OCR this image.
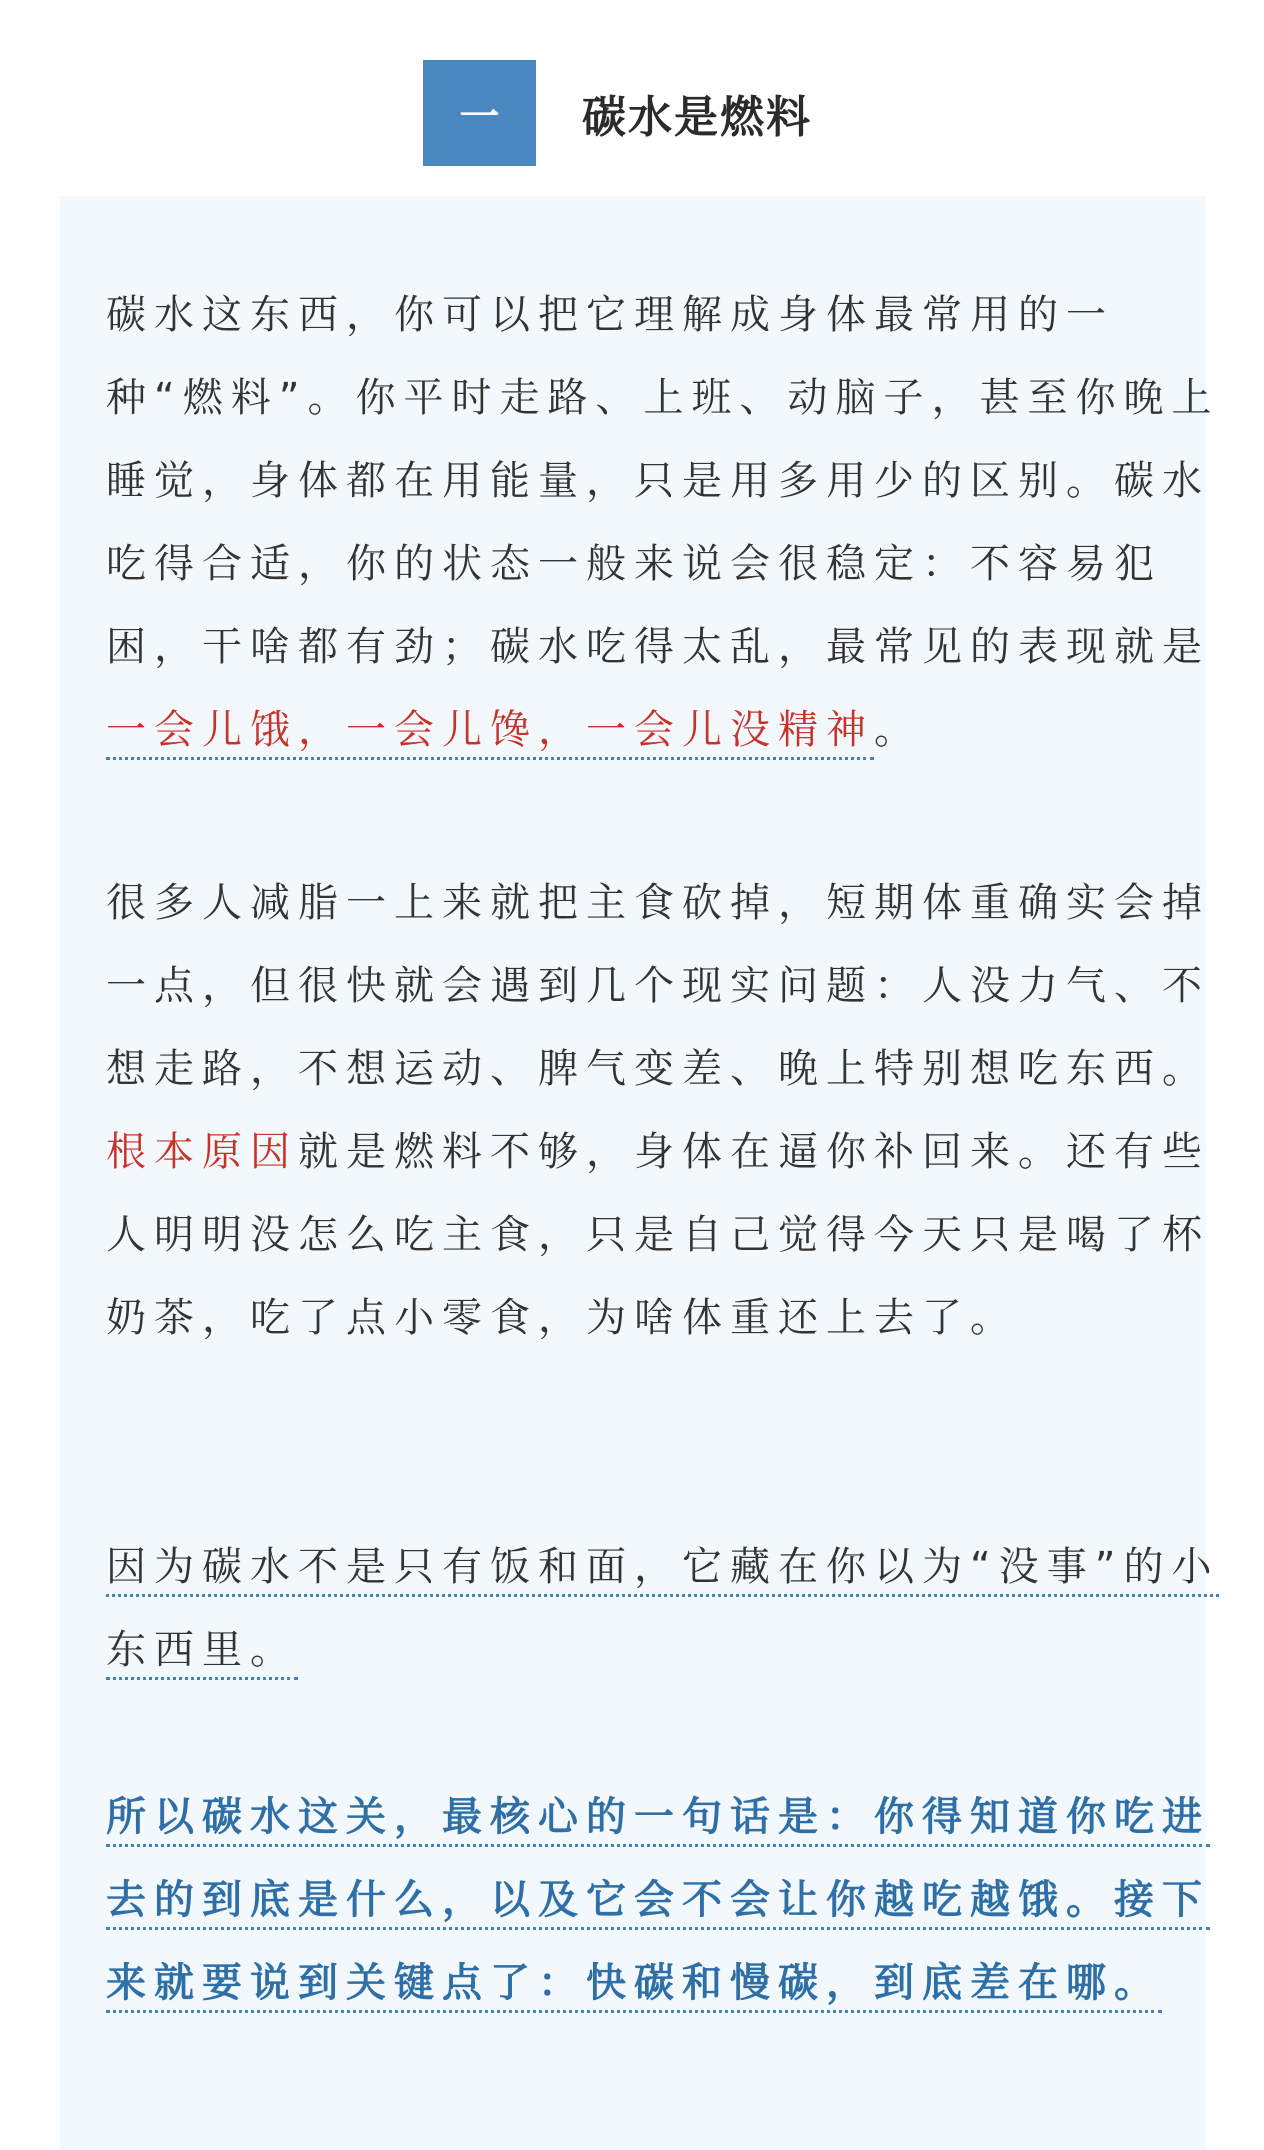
一	碳水是燃料

碳水这东西，你可以把它理解成身体最常用的一种“燃料”。你平时走路、上班、动脑子，甚至你晚上睡觉，身体都在用能量，只是用多用少的区别。碳水吃得合适，你的状态一般来说会很稳定：不容易犯困，干啥都有劲；碳水吃得太乱，最常见的表现就是一会儿饿，一会儿馋，一会儿没精神。

很多人减脂一上来就把主食砍掉，短期体重确实会掉一点，但很快就会遇到几个现实问题：人没力气、不想走路，不想运动、脾气变差、晚上特别想吃东西。根本原因就是燃料不够，身体在逼你补回来。还有些人明明没怎么吃主食，只是自己觉得今天只是喝了杯奶茶，吃了点小零食，为啥体重还上去了。

因为碳水不是只有饭和面，它藏在你以为“没事”的小东西里。

所以碳水这关，最核心的一句话是：你得知道你吃进去的到底是什么，以及它会不会让你越吃越饿。接下来就要说到关键点了：快碳和慢碳，到底差在哪。
